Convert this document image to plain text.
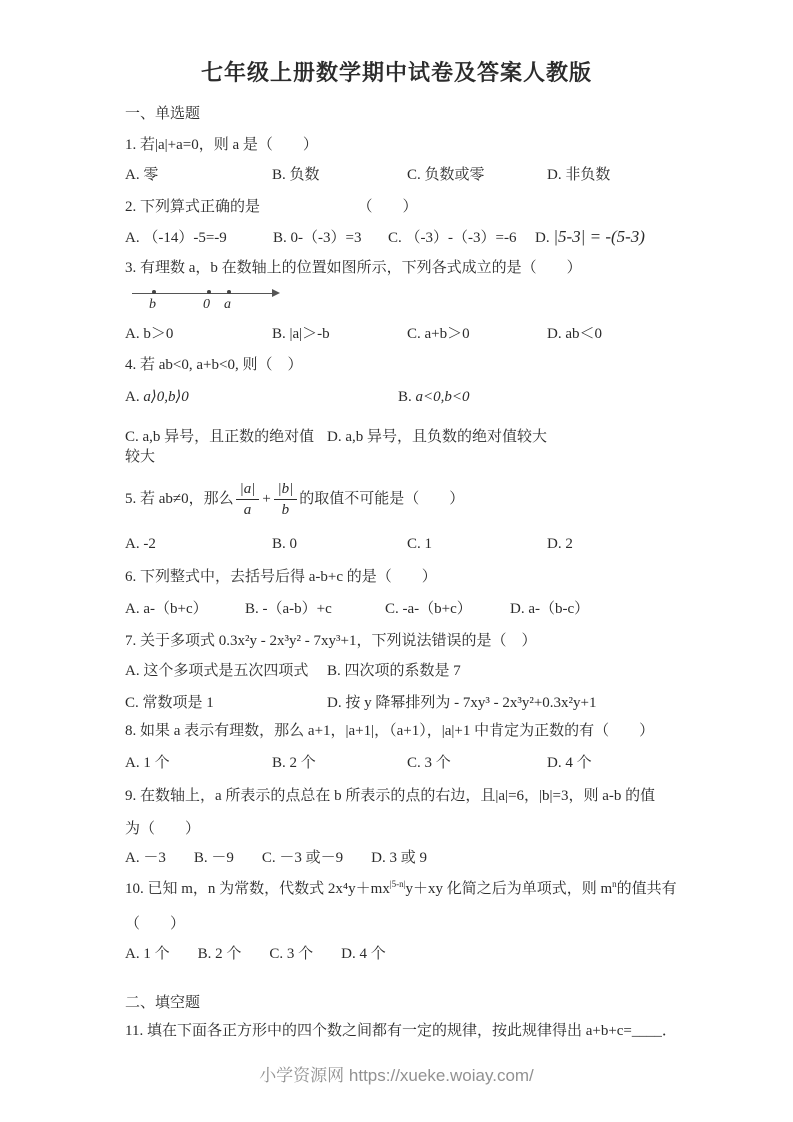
七年级上册数学期中试卷及答案人教版
一、单选题
1. 若|a|+a=0，则 a 是（　　）
A. 零	B. 负数	C. 负数或零	D. 非负数
2. 下列算式正确的是　　　　　　　（　　）
A. （-14）-5=-9	B. 0-（-3）=3	C. （-3）-（-3）=-6	D. |5-3| = -(5-3)
3. 有理数 a，b 在数轴上的位置如图所示，下列各式成立的是（　　）
b	0 a
A. b＞0	B. |a|＞-b	C. a+b＞0	D. ab＜0
4. 若 ab<0, a+b<0, 则（　）
A. a⟩0,b⟩0	B. a<0,b<0
C. a,b 异号，且正数的绝对值较大
D. a,b 异号，且负数的绝对值较大
5. 若 ab≠0，那么 $\frac{|a|}{a} + \frac{|b|}{b}$ 的取值不可能是（　　）
A. -2	B. 0	C. 1	D. 2
6. 下列整式中，去括号后得 a-b+c 的是（　　）
A. a-（b+c）	B. -（a-b）+c	C. -a-（b+c）	D. a-（b-c）
7. 关于多项式 0.3x²y - 2x³y² - 7xy³+1，下列说法错误的是（　）
A. 这个多项式是五次四项式	B. 四次项的系数是 7
C. 常数项是 1	D. 按 y 降幂排列为 - 7xy³ - 2x³y²+0.3x²y+1
8. 如果 a 表示有理数，那么 a+1，|a+1|，（a+1），|a|+1 中肯定为正数的有（　　）
A. 1 个	B. 2 个	C. 3 个	D. 4 个
9. 在数轴上，a 所表示的点总在 b 所表示的点的右边，且|a|=6，|b|=3，则 a-b 的值
为（　　）
A. －3 B. －9 C. －3 或－9 D. 3 或 9
10. 已知 m，n 为常数，代数式 $2x^4y+mx^{|5-n|}y+xy$ 化简之后为单项式，则 $m^n$的值共有
（　　）
A. 1 个 B. 2 个 C. 3 个 D. 4 个
二、填空题
11. 填在下面各正方形中的四个数之间都有一定的规律，按此规律得出 a+b+c=____．
小学资源网 https://xueke.woiay.com/
